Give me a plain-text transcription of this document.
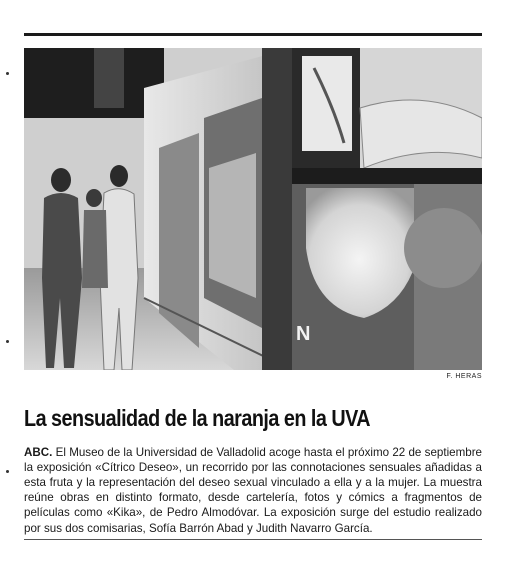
N
F. HERAS
La sensualidad de la naranja en la UVA

ABC. El Museo de la Universidad de Valladolid acoge hasta el próximo 22 de septiembre la exposición «Cítrico Deseo», un recorrido por las connotaciones sensuales añadidas a esta fruta y la representación del deseo sexual vinculado a ella y a la mujer. La muestra reúne obras en distinto formato, desde cartelería, fotos y cómics a fragmentos de películas como «Kika», de Pedro Almodóvar. La exposición surge del estudio realizado por sus dos comisarias, Sofía Barrón Abad y Judith Navarro García.
